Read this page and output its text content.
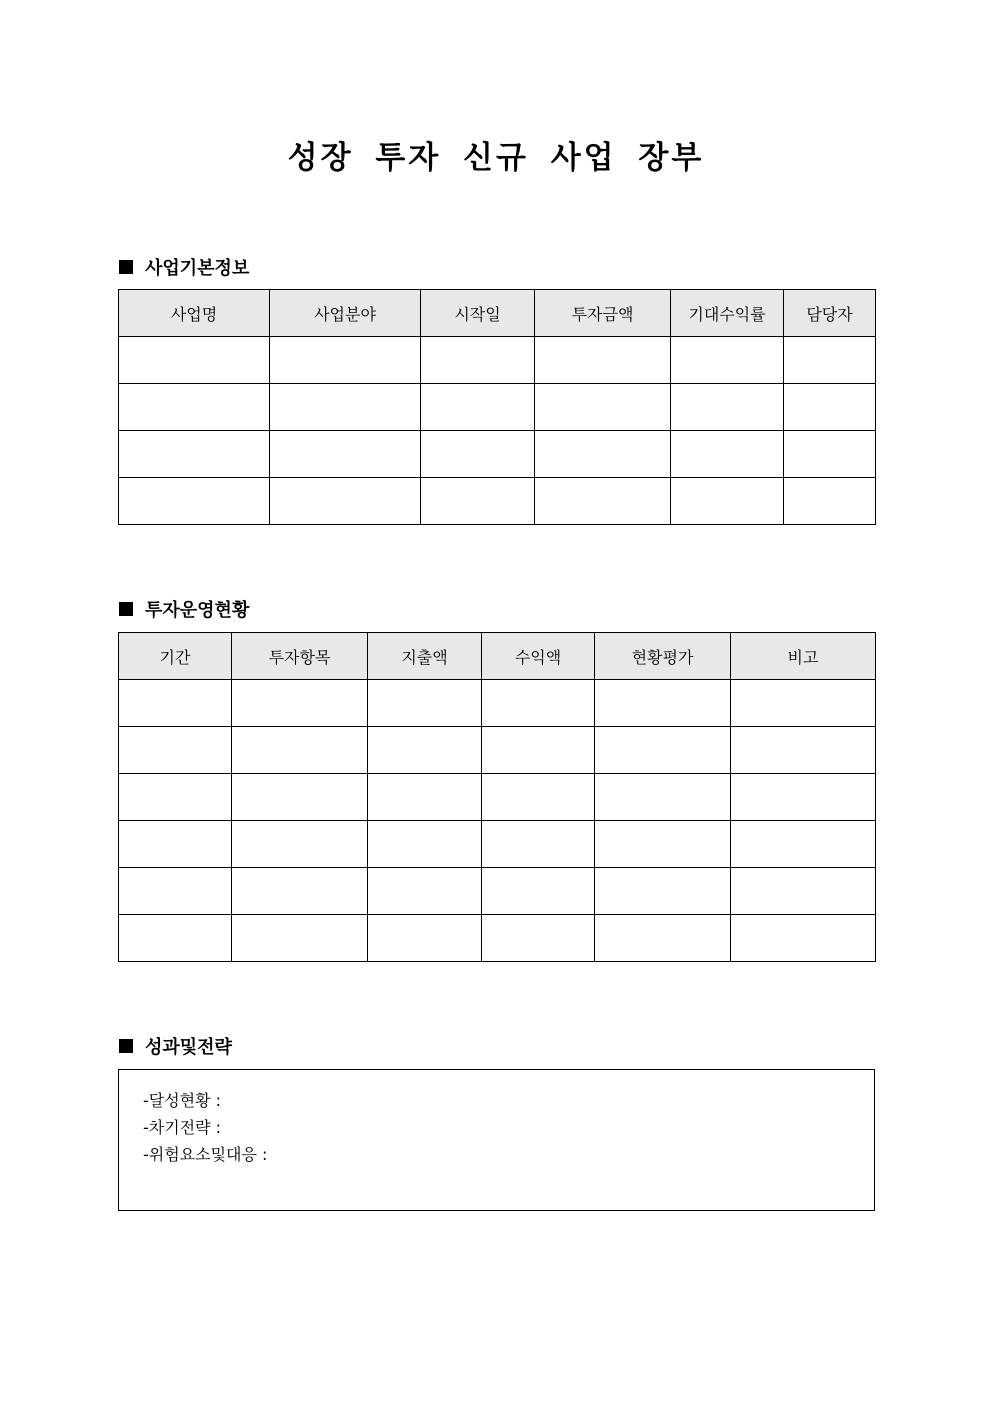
성장 투자 신규 사업 장부
사업기본정보
사업명	사업분야	시작일	투자금액	기대수익률	담당자

투자운영현황
기간	투자항목	지출액	수익액	현황평가	비고

성과및전략
-달성현황 :
-차기전략 :
-위험요소및대응 :
